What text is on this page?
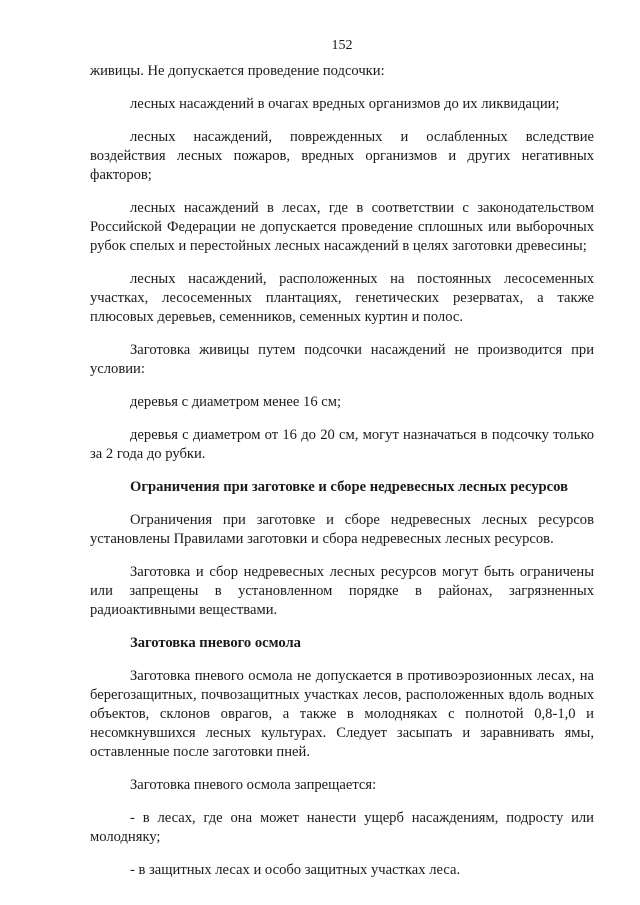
152

живицы. Не допускается проведение подсочки:

лесных насаждений в очагах вредных организмов до их ликвидации;

лесных насаждений, поврежденных и ослабленных вследствие воздействия лесных пожаров, вредных организмов и других негативных факторов;

лесных насаждений в лесах, где в соответствии с законодательством Российской Федерации не допускается проведение сплошных или выборочных рубок спелых и перестойных лесных насаждений в целях заготовки древесины;

лесных насаждений, расположенных на постоянных лесосеменных участках, лесосеменных плантациях, генетических резерватах, а также плюсовых деревьев, семенников, семенных куртин и полос.

Заготовка живицы путем подсочки насаждений не производится при условии:

деревья с диаметром менее 16 см;

деревья с диаметром от 16 до 20 см, могут назначаться в подсочку только за 2 года до рубки.

Ограничения при заготовке и сборе недревесных лесных ресурсов

Ограничения при заготовке и сборе недревесных лесных ресурсов установлены Правилами заготовки и сбора недревесных лесных ресурсов.

Заготовка и сбор недревесных лесных ресурсов могут быть ограничены или запрещены в установленном порядке в районах, загрязненных радиоактивными веществами.

Заготовка пневого осмола

Заготовка пневого осмола не допускается в противоэрозионных лесах, на берегозащитных, почвозащитных участках лесов, расположенных вдоль водных объектов, склонов оврагов, а также в молодняках с полнотой 0,8-1,0 и несомкнувшихся лесных культурах. Следует засыпать и заравнивать ямы, оставленные после заготовки пней.

Заготовка пневого осмола запрещается:

- в лесах, где она может нанести ущерб насаждениям, подросту или молодняку;

- в защитных лесах и особо защитных участках леса.
